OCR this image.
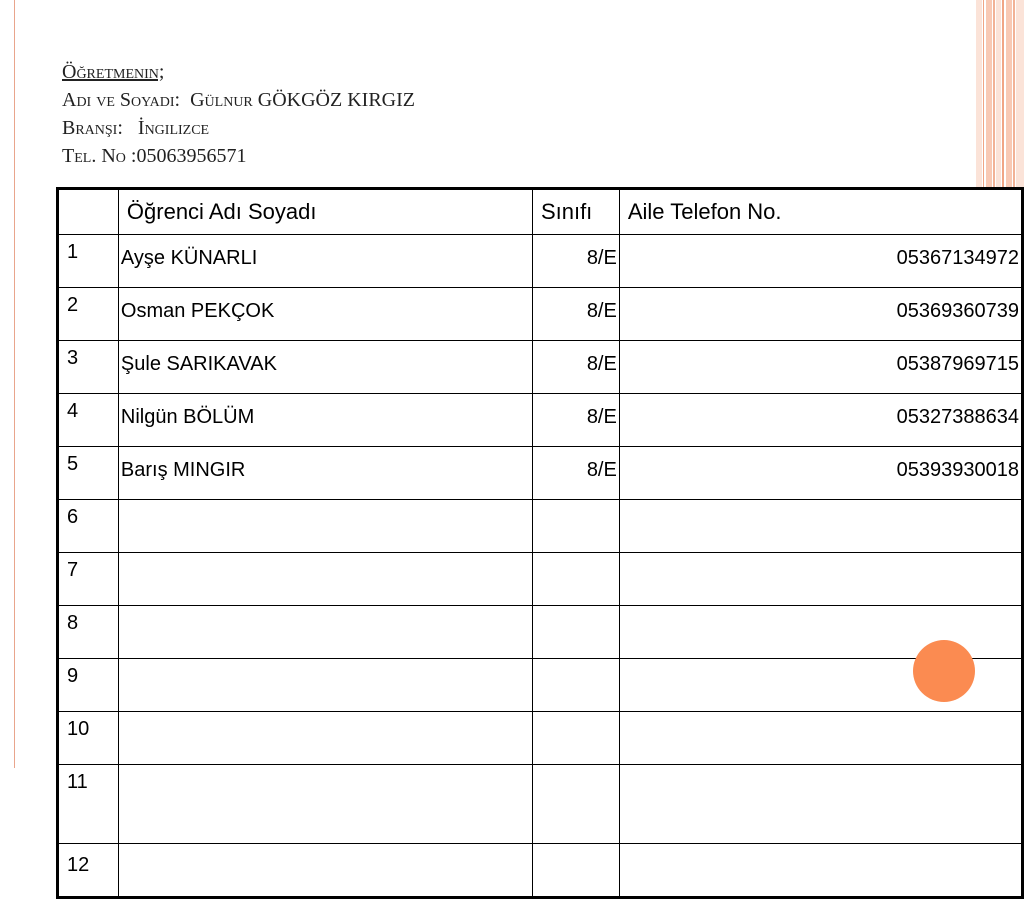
Öğretmenin;
Adı ve Soyadı: Gülnur GÖKGÖZ KIRGIZ
Branşı: İngilizce
Tel. No :05063956571
	Öğrenci Adı Soyadı	Sınıfı	Aile Telefon No.
1	Ayşe KÜNARLI	8/E	05367134972
2	Osman PEKÇOK	8/E	05369360739
3	Şule SARIKAVAK	8/E	05387969715
4	Nilgün BÖLÜM	8/E	05327388634
5	Barış MINGIR	8/E	05393930018
6			
7			
8			
9			
10			
11			
12			
